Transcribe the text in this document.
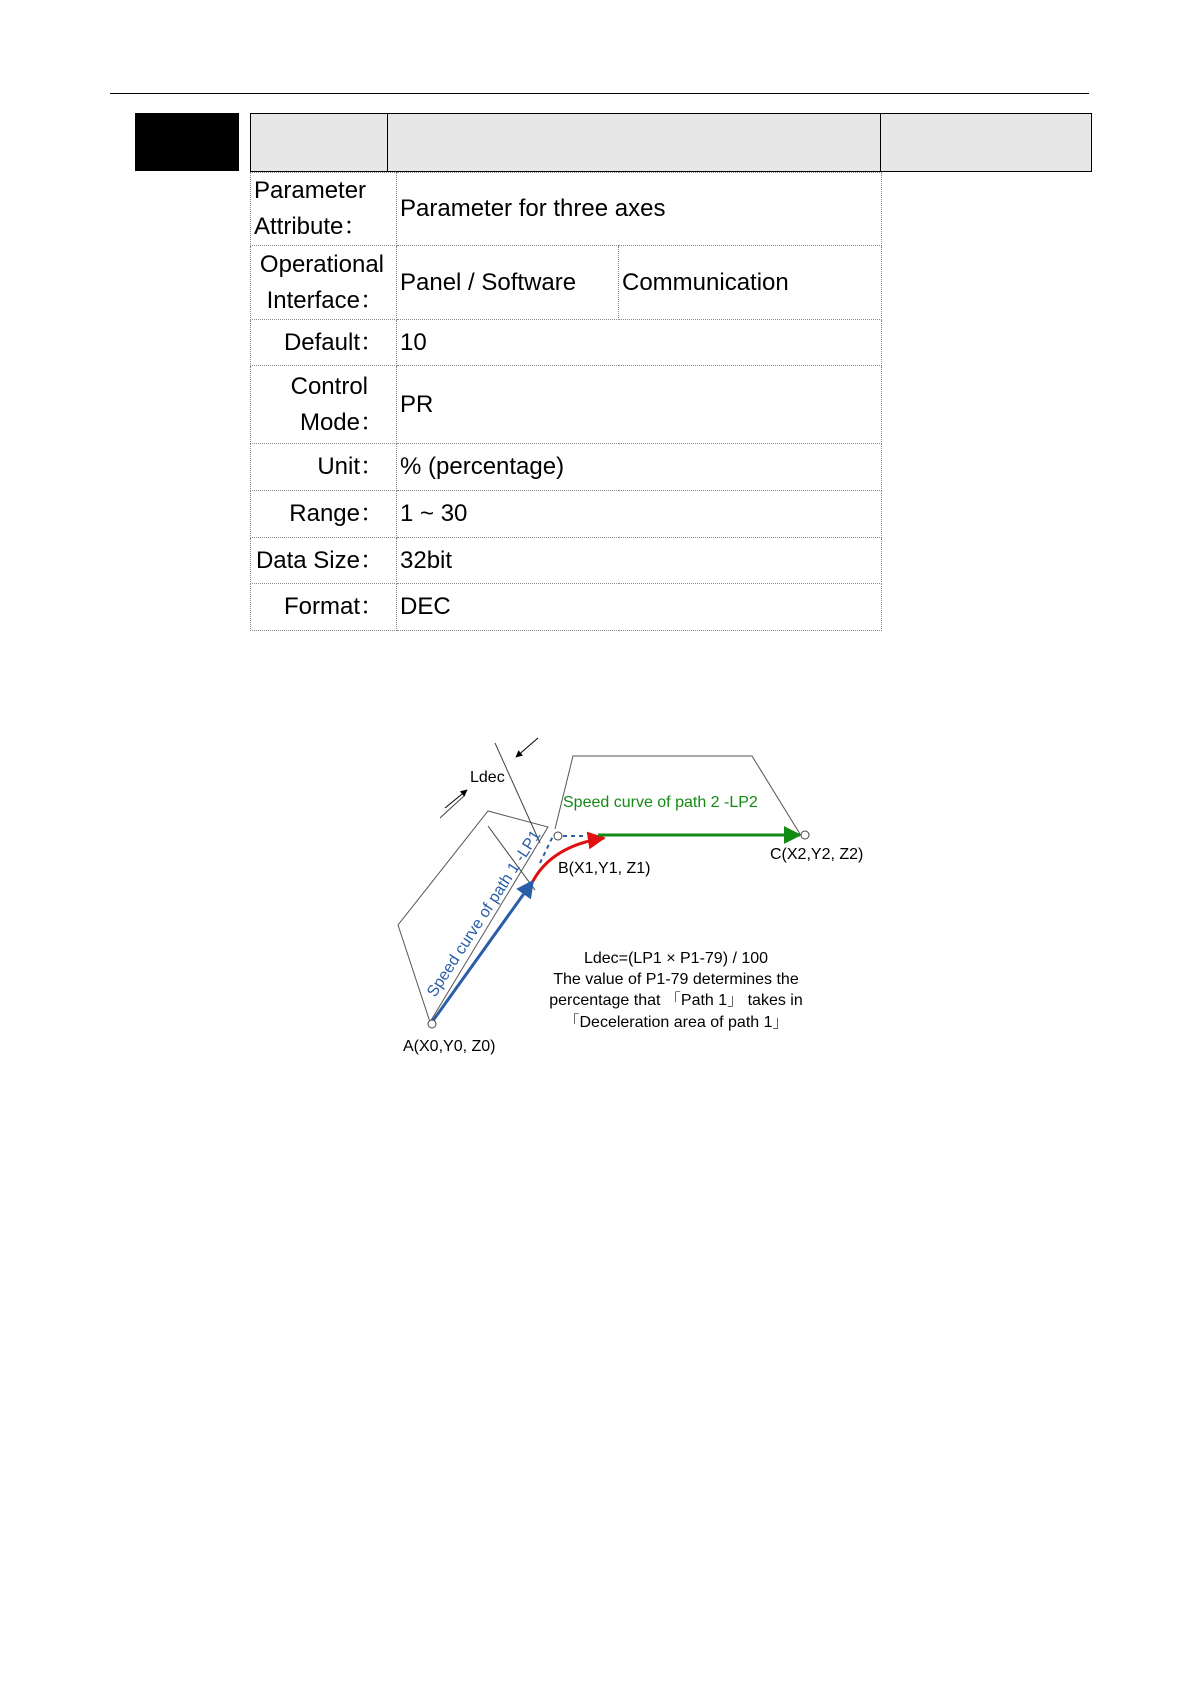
Parameter
Attribute：	Parameter for three axes	

Operational
Interface：	Panel / Software	Communication

Default：	10	

Control
Mode：	PR	

Unit：	% (percentage)	

Range：	1 ~ 30	

Data Size：	32bit	

Format：	DEC	
Ldec
Speed curve of path 2 -LP2
Speed curve of path 1 -LP1 B(X1,Y1, Z1)
C(X2,Y2, Z2)
A(X0,Y0, Z0)
Ldec=(LP1 × P1-79) / 100
The value of P1-79 determines the
percentage that 「Path 1」 takes in
「Deceleration area of path 1」
